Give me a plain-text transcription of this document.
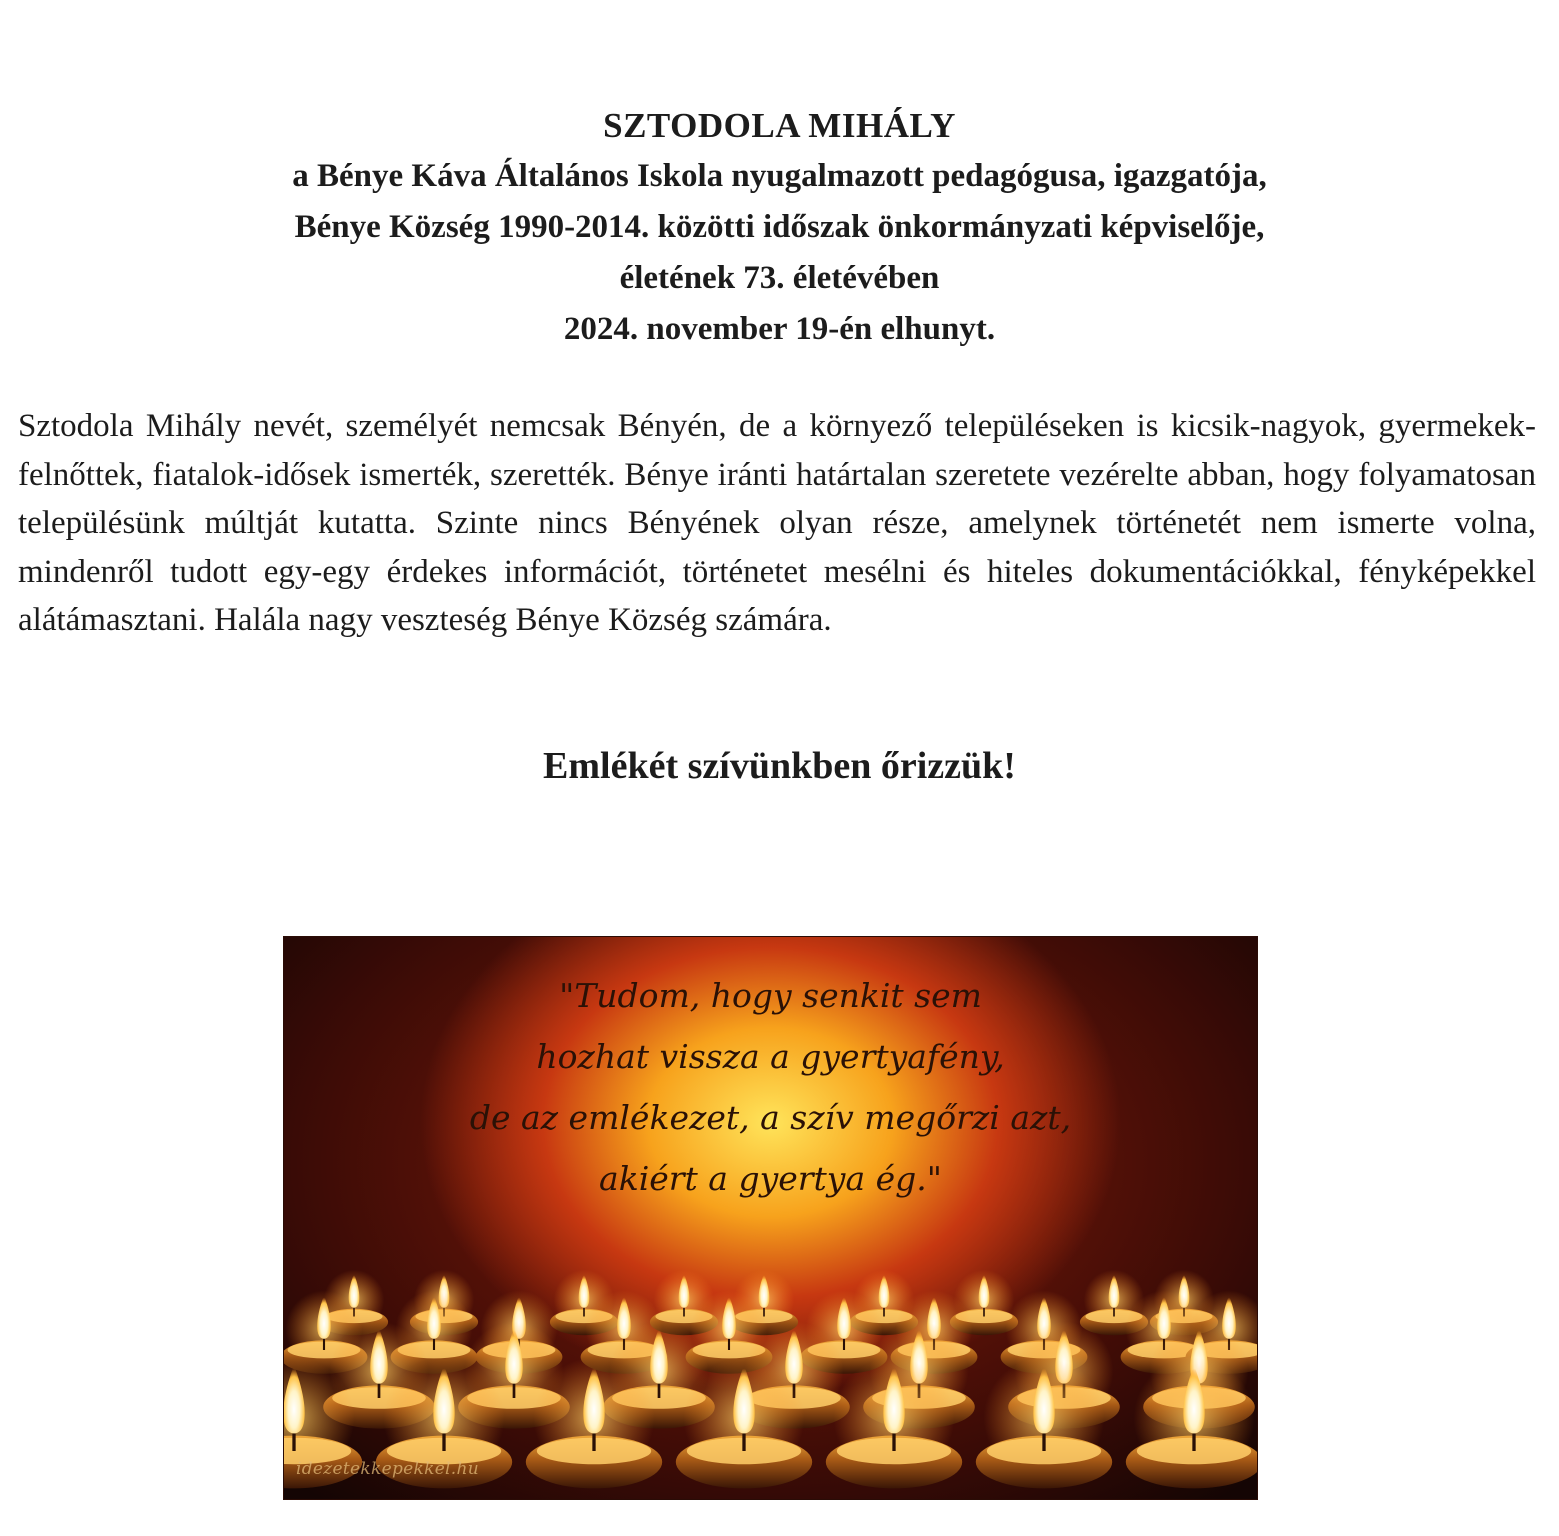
SZTODOLA MIHÁLY
a Bénye Káva Általános Iskola nyugalmazott pedagógusa, igazgatója,
Bénye Község 1990-2014. közötti időszak önkormányzati képviselője,
életének 73. életévében
2024. november 19-én elhunyt.

Sztodola Mihály nevét, személyét nemcsak Bényén, de a környező településeken is kicsik-nagyok, gyermekek-felnőttek, fiatalok-idősek ismerték, szerették. Bénye iránti határtalan szeretete vezérelte abban, hogy folyamatosan településünk múltját kutatta. Szinte nincs Bényének olyan része, amelynek történetét nem ismerte volna, mindenről tudott egy-egy érdekes információt, történetet mesélni és hiteles dokumentációkkal, fényképekkel alátámasztani. Halála nagy veszteség Bénye Község számára.

Emlékét szívünkben őrizzük!
"Tudom, hogy senkit sem
hozhat vissza a gyertyafény,
de az emlékezet, a szív megőrzi azt,
akiért a gyertya ég."
idezetekkepekkel.hu
